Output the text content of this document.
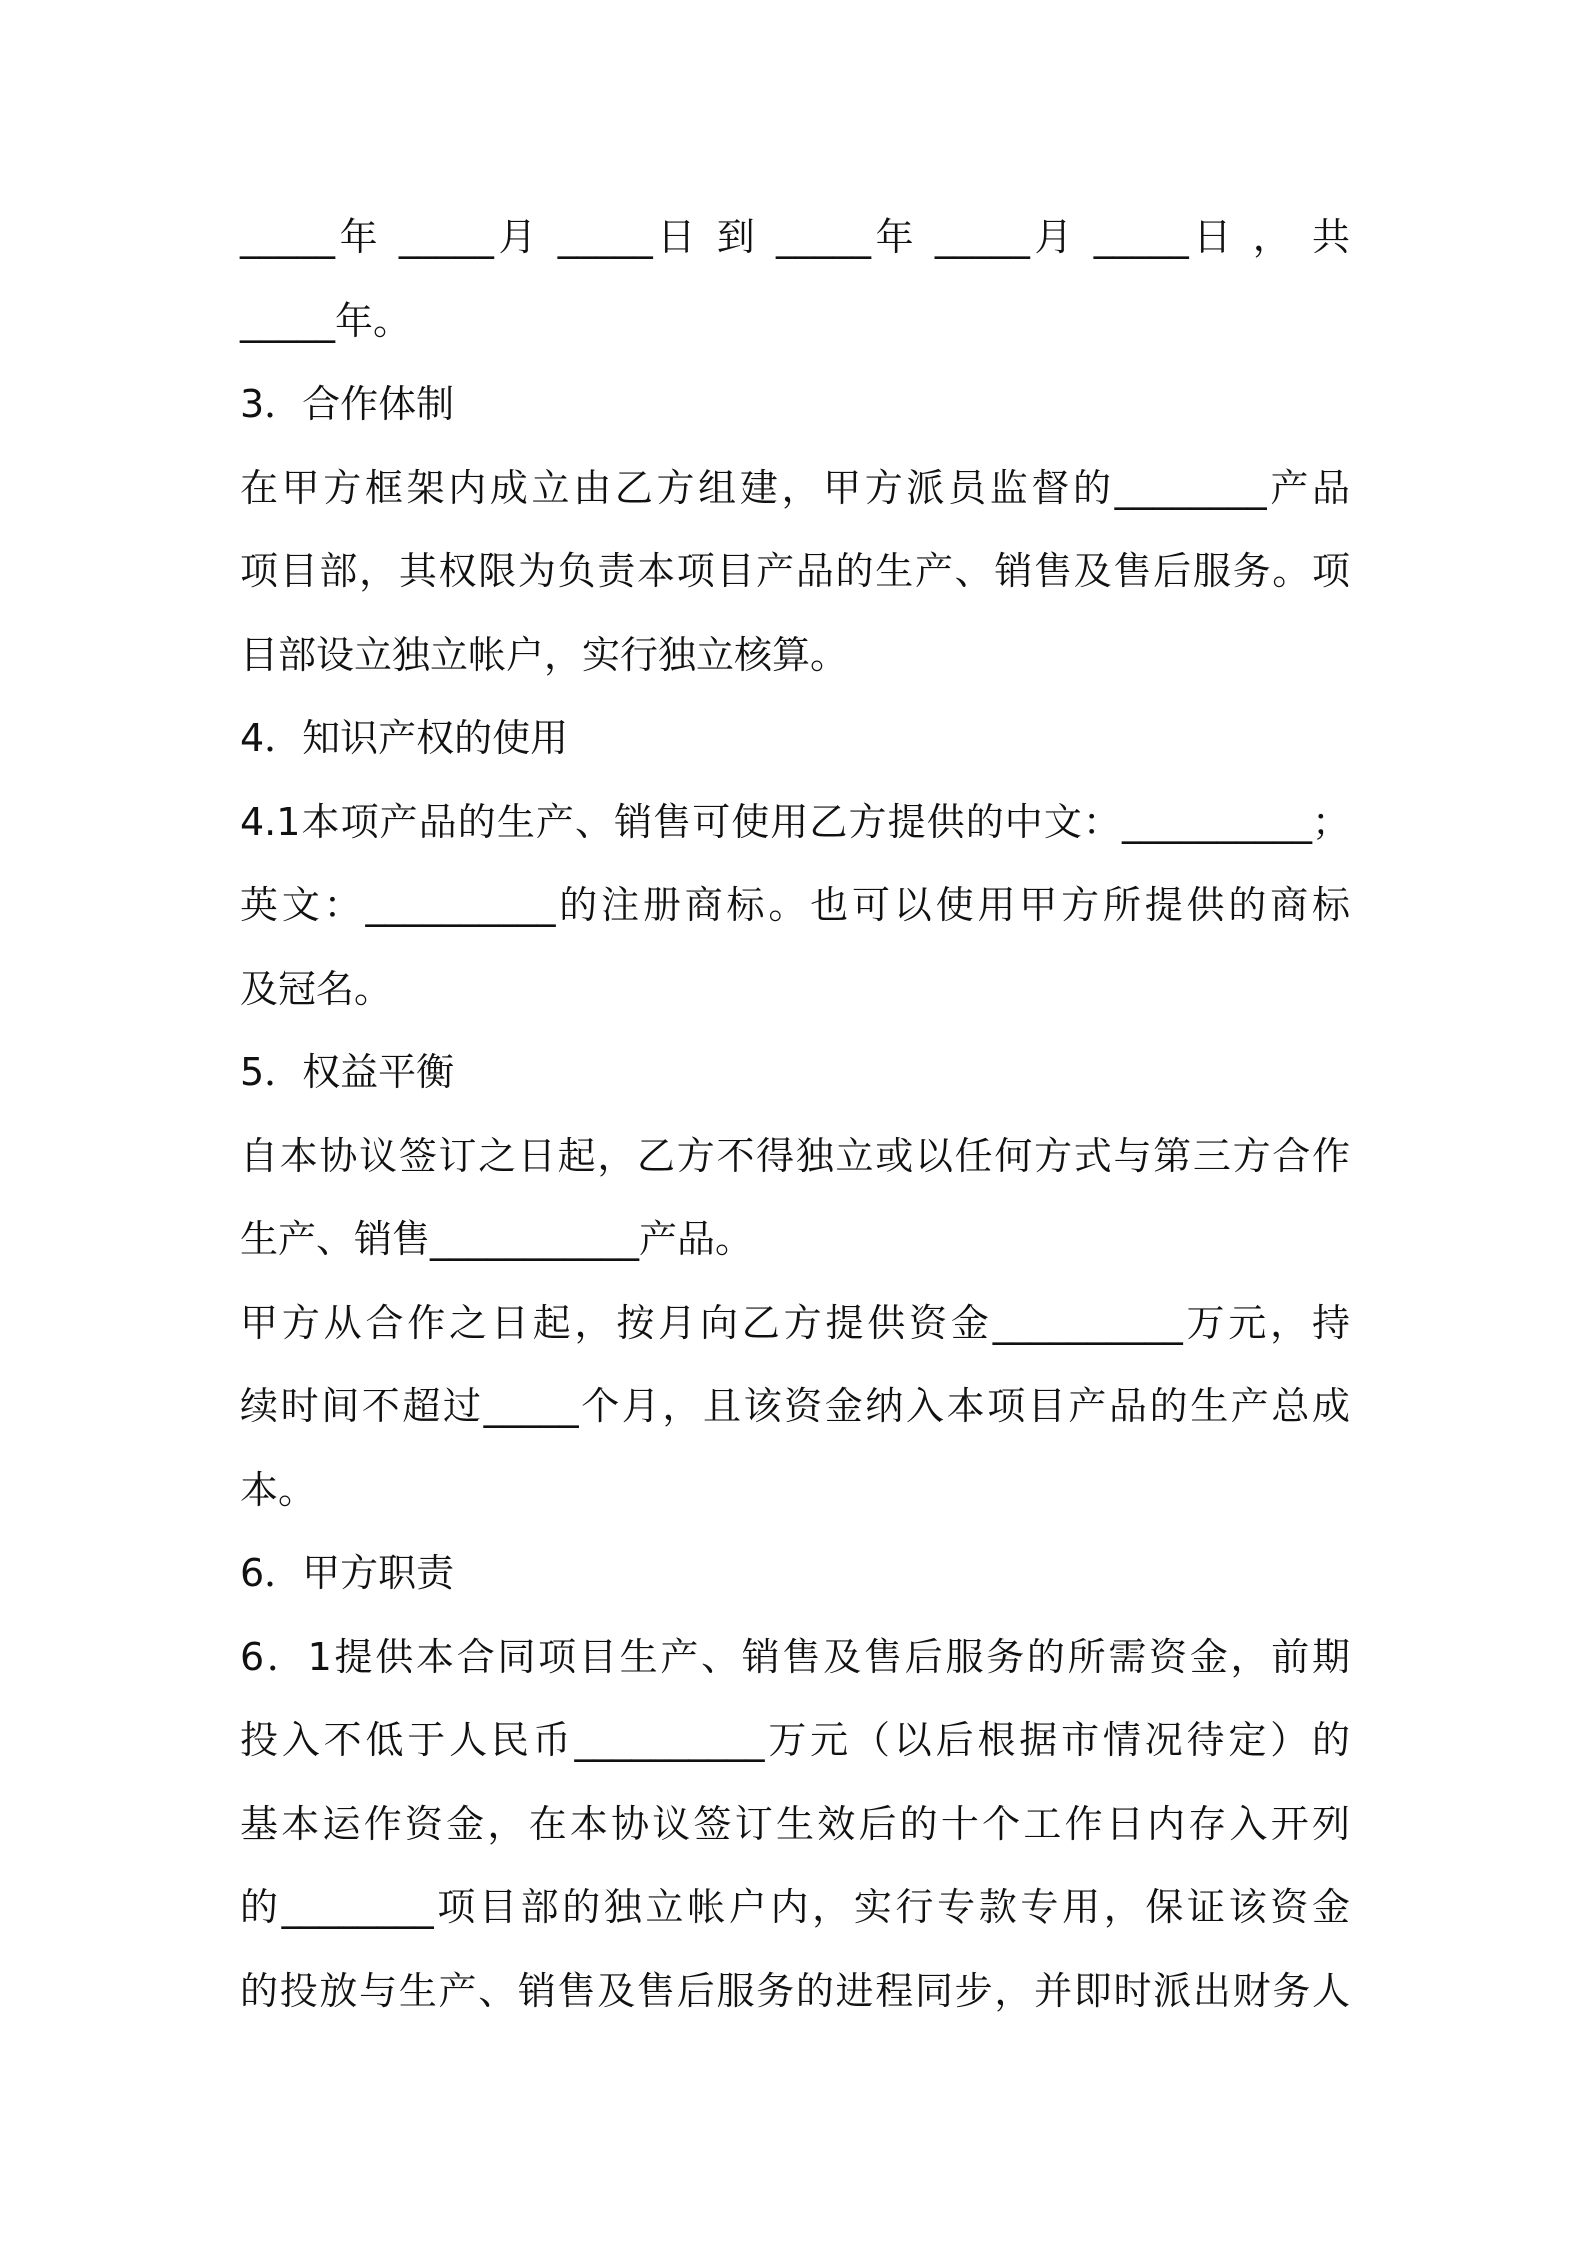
_____年 _____月 _____日 到 _____年 _____月 _____日 ， 共
_____年。
3．合作体制
在甲方框架内成立由乙方组建，甲方派员监督的________产品
项目部，其权限为负责本项目产品的生产、销售及售后服务。项
目部设立独立帐户，实行独立核算。
4．知识产权的使用
4.1本项产品的生产、销售可使用乙方提供的中文：__________；
英文：__________的注册商标。也可以使用甲方所提供的商标
及冠名。
5．权益平衡
自本协议签订之日起，乙方不得独立或以任何方式与第三方合作
生产、销售___________产品。
甲方从合作之日起，按月向乙方提供资金__________万元，持
续时间不超过_____个月，且该资金纳入本项目产品的生产总成
本。
6．甲方职责
6．1提供本合同项目生产、销售及售后服务的所需资金，前期
投入不低于人民币__________万元（以后根据市情况待定）的
基本运作资金，在本协议签订生效后的十个工作日内存入开列
的________项目部的独立帐户内，实行专款专用，保证该资金
的投放与生产、销售及售后服务的进程同步，并即时派出财务人
